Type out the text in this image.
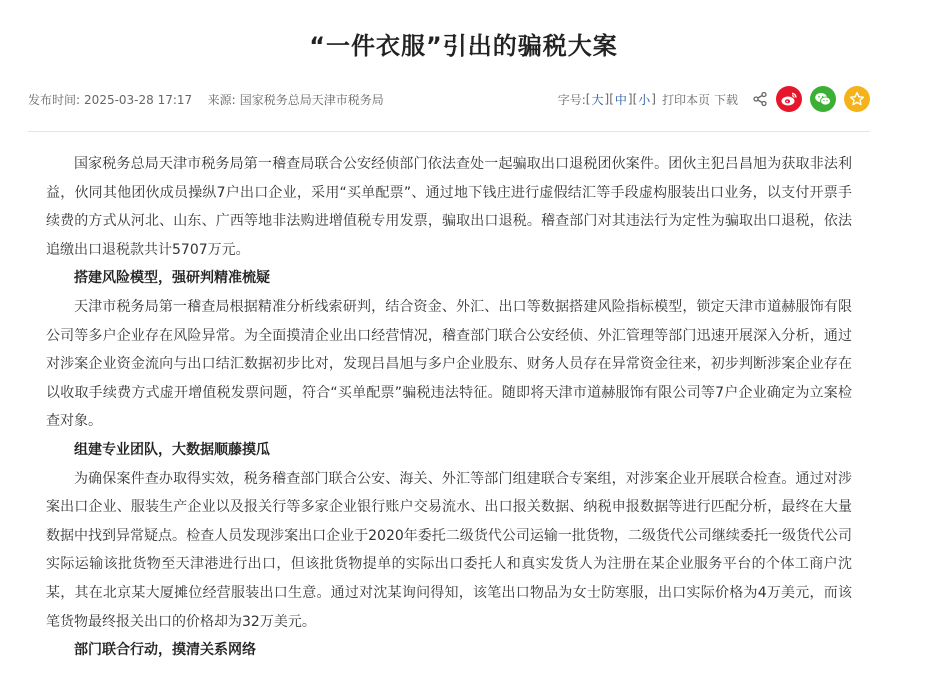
“一件衣服”引出的骗税大案
发布时间: 2025-03-28 17:17 来源: 国家税务总局天津市税务局	字号: [ 大 ] [ 中 ] [ 小 ] 打印本页 下载

国家税务总局天津市税务局第一稽查局联合公安经侦部门依法查处一起骗取出口退税团伙案件。团伙主犯吕昌旭为获取非法利益，伙同其他团伙成员操纵7户出口企业，采用“买单配票”、通过地下钱庄进行虚假结汇等手段虚构服装出口业务，以支付开票手续费的方式从河北、山东、广西等地非法购进增值税专用发票，骗取出口退税。稽查部门对其违法行为定性为骗取出口退税，依法追缴出口退税款共计5707万元。

搭建风险模型，强研判精准梳疑

天津市税务局第一稽查局根据精准分析线索研判，结合资金、外汇、出口等数据搭建风险指标模型，锁定天津市道赫服饰有限公司等多户企业存在风险异常。为全面摸清企业出口经营情况，稽查部门联合公安经侦、外汇管理等部门迅速开展深入分析，通过对涉案企业资金流向与出口结汇数据初步比对，发现吕昌旭与多户企业股东、财务人员存在异常资金往来，初步判断涉案企业存在以收取手续费方式虚开增值税发票问题，符合“买单配票”骗税违法特征。随即将天津市道赫服饰有限公司等7户企业确定为立案检查对象。

组建专业团队，大数据顺藤摸瓜

为确保案件查办取得实效，税务稽查部门联合公安、海关、外汇等部门组建联合专案组，对涉案企业开展联合检查。通过对涉案出口企业、服装生产企业以及报关行等多家企业银行账户交易流水、出口报关数据、纳税申报数据等进行匹配分析，最终在大量数据中找到异常疑点。检查人员发现涉案出口企业于2020年委托二级货代公司运输一批货物，二级货代公司继续委托一级货代公司实际运输该批货物至天津港进行出口，但该批货物提单的实际出口委托人和真实发货人为注册在某企业服务平台的个体工商户沈某，其在北京某大厦摊位经营服装出口生意。通过对沈某询问得知，该笔出口物品为女士防寒服，出口实际价格为4万美元，而该笔货物最终报关出口的价格却为32万美元。

部门联合行动，摸清关系网络
